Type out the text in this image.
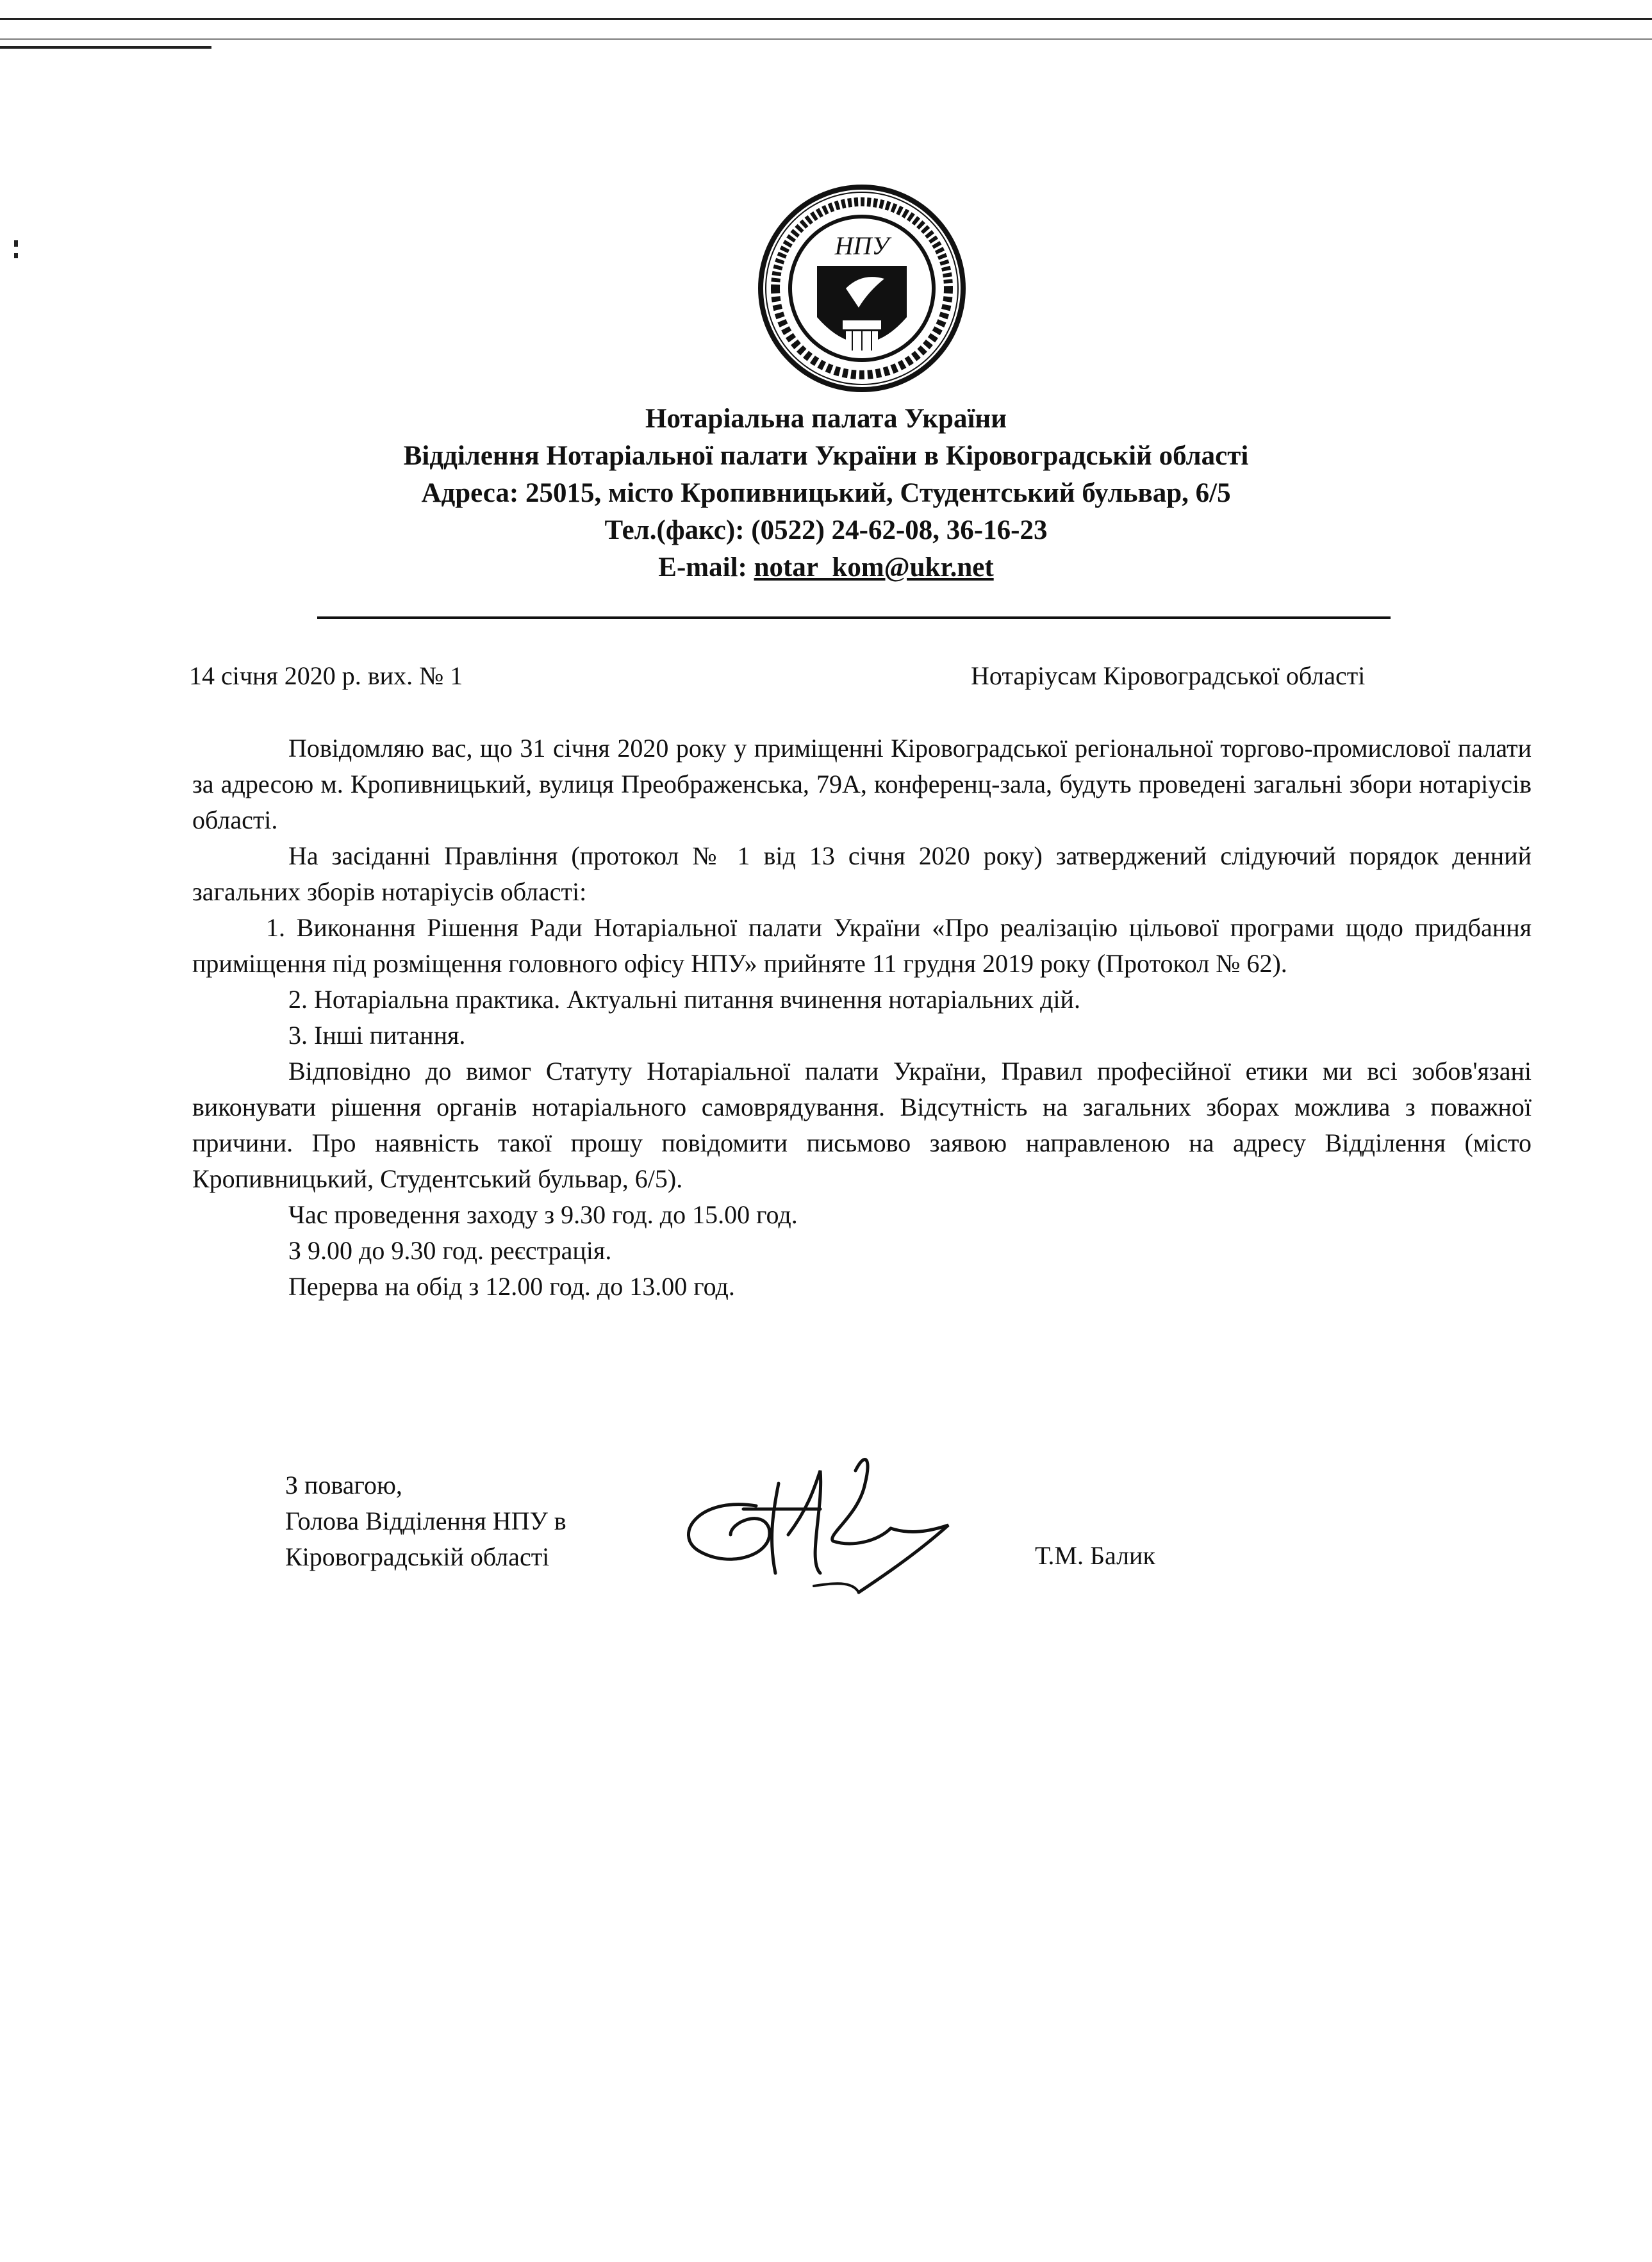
НПУ
Нотаріальна палата України
Відділення Нотаріальної палати України в Кіровоградській області
Адреса: 25015, місто Кропивницький, Студентський бульвар, 6/5
Тел.(факс): (0522) 24-62-08, 36-16-23
E-mail: notar_kom@ukr.net
14 січня 2020 р. вих. № 1	Нотаріусам Кіровоградської області

Повідомляю вас, що 31 січня 2020 року у приміщенні Кіровоградської регіональної торгово-промислової палати за адресою м. Кропивницький, вулиця Преображенська, 79А, конференц-зала, будуть проведені загальні збори нотаріусів області.

На засіданні Правління (протокол № 1 від 13 січня 2020 року) затверджений слідуючий порядок денний загальних зборів нотаріусів області:

1. Виконання Рішення Ради Нотаріальної палати України «Про реалізацію цільової програми щодо придбання приміщення під розміщення головного офісу НПУ» прийняте 11 грудня 2019 року (Протокол № 62).

2. Нотаріальна практика. Актуальні питання вчинення нотаріальних дій.

3. Інші питання.

Відповідно до вимог Статуту Нотаріальної палати України, Правил професійної етики ми всі зобов'язані виконувати рішення органів нотаріального самоврядування. Відсутність на загальних зборах можлива з поважної причини. Про наявність такої прошу повідомити письмово заявою направленою на адресу Відділення (місто Кропивницький, Студентський бульвар, 6/5).

Час проведення заходу з 9.30 год. до 15.00 год.

З 9.00 до 9.30 год. реєстрація.

Перерва на обід з 12.00 год. до 13.00 год.

З повагою,
Голова Відділення НПУ в
Кіровоградській області	Т.М. Балик
